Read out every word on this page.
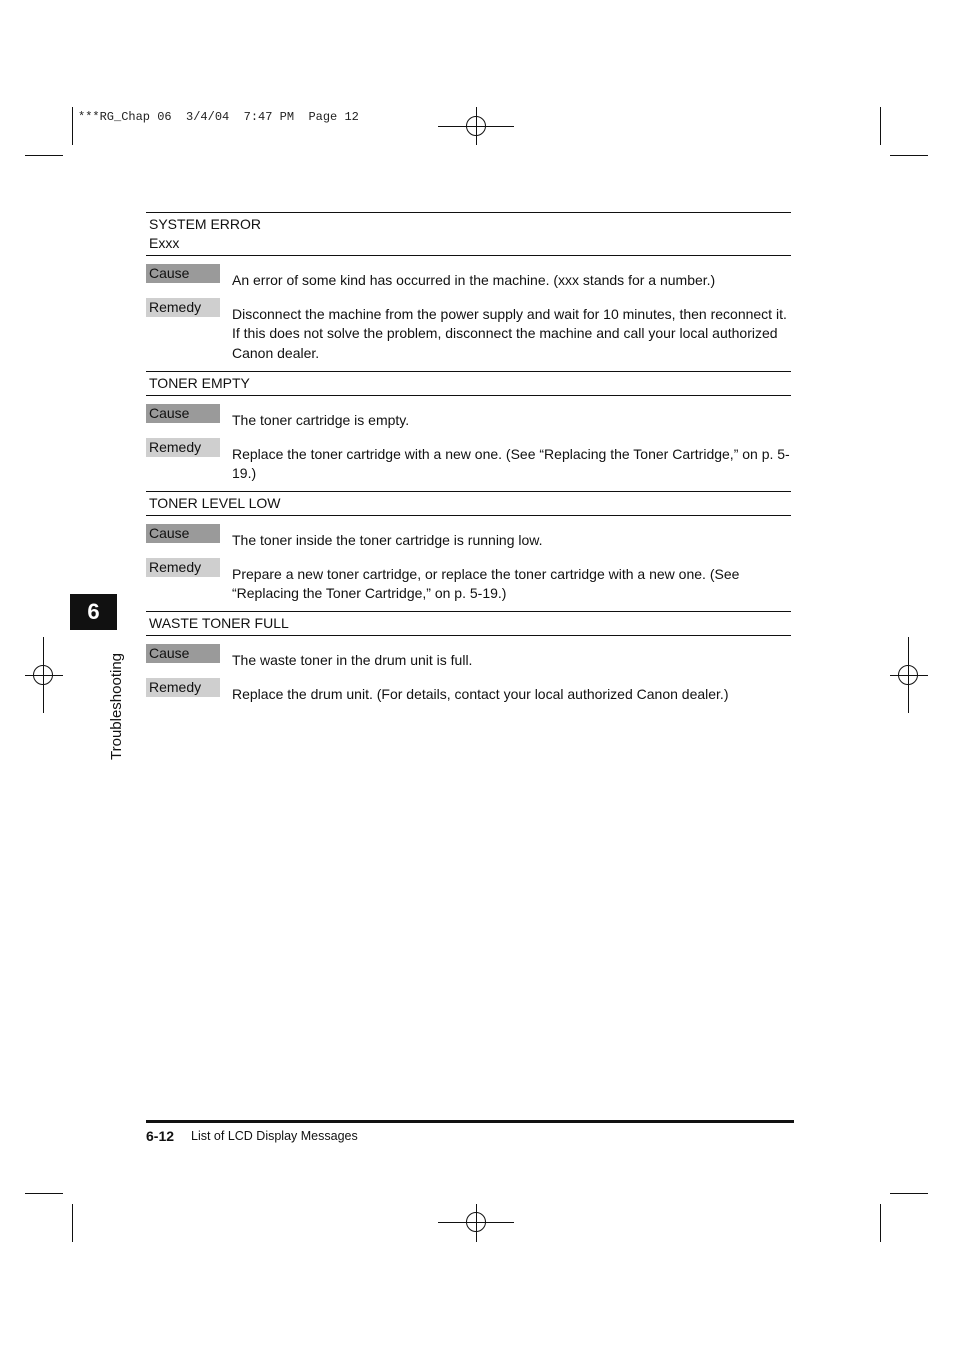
***RG_Chap 06  3/4/04  7:47 PM  Page 12
SYSTEM ERROR
Exxx
Cause	An error of some kind has occurred in the machine. (xxx stands for a number.)
Remedy	Disconnect the machine from the power supply and wait for 10 minutes, then reconnect it. If this does not solve the problem, disconnect the machine and call your local authorized Canon dealer.
TONER EMPTY
Cause	The toner cartridge is empty.
Remedy	Replace the toner cartridge with a new one. (See “Replacing the Toner Cartridge,” on p. 5-19.)
TONER LEVEL LOW
Cause	The toner inside the toner cartridge is running low.
Remedy	Prepare a new toner cartridge, or replace the toner cartridge with a new one. (See “Replacing the Toner Cartridge,” on p. 5-19.)
WASTE TONER FULL
Cause	The waste toner in the drum unit is full.
Remedy	Replace the drum unit. (For details, contact your local authorized Canon dealer.)
6
Troubleshooting
6-12 List of LCD Display Messages
